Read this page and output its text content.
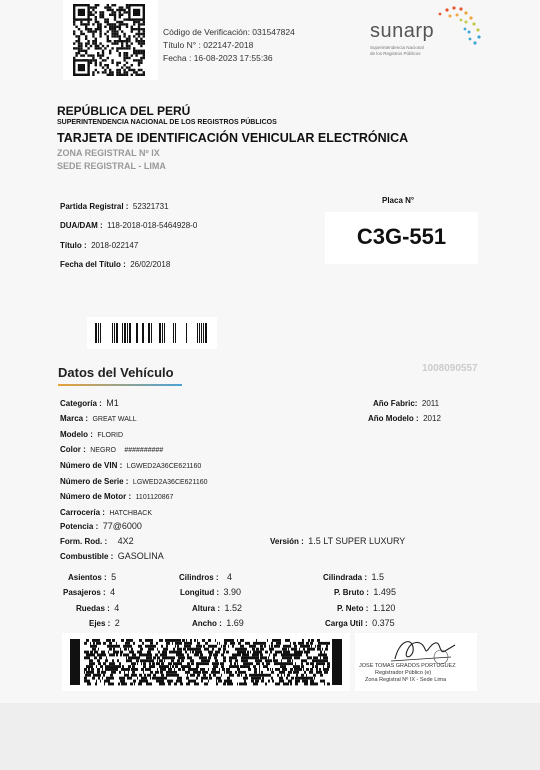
Código de Verificación: 031547824
Título N° : 022147-2018
Fecha : 16-08-2023 17:55:36
sunarp
Superintendencia Nacional
de los Registros Públicos
REPÚBLICA DEL PERÚ
SUPERINTENDENCIA NACIONAL DE LOS REGISTROS PÚBLICOS
TARJETA DE IDENTIFICACIÓN VEHICULAR ELECTRÓNICA
ZONA REGISTRAL Nº IX
SEDE REGISTRAL - LIMA
Partida Registral : 52321731
DUA/DAM : 118-2018-018-5464928-0
Título : 2018-022147
Fecha del Título : 26/02/2018
Placa N°
C3G-551
1008090557
Datos del Vehículo
Categoría : M1
Marca : GREAT WALL
Modelo : FLORID
Color : NEGRO ##########
Número de VIN : LGWED2A36CE621160
Número de Serie : LGWED2A36CE621160
Número de Motor : 1101120867
Carrocería : HATCHBACK
Potencia : 77@6000
Form. Rod. : 4X2
Combustible : GASOLINA
Versión : 1.5 LT SUPER LUXURY
Año Fabric: 2011
Año Modelo : 2012
Asientos : 5
Pasajeros : 4
Ruedas : 4
Ejes : 2
Cilindros : 4
Longitud : 3.90
Altura : 1.52
Ancho : 1.69
Cilindrada : 1.5
P. Bruto : 1.495
P. Neto : 1.120
Carga Util : 0.375
JOSE TOMAS GRADOS PORTUGUEZ
Registrador Público (e)
Zona Registral Nº IX - Sede Lima
